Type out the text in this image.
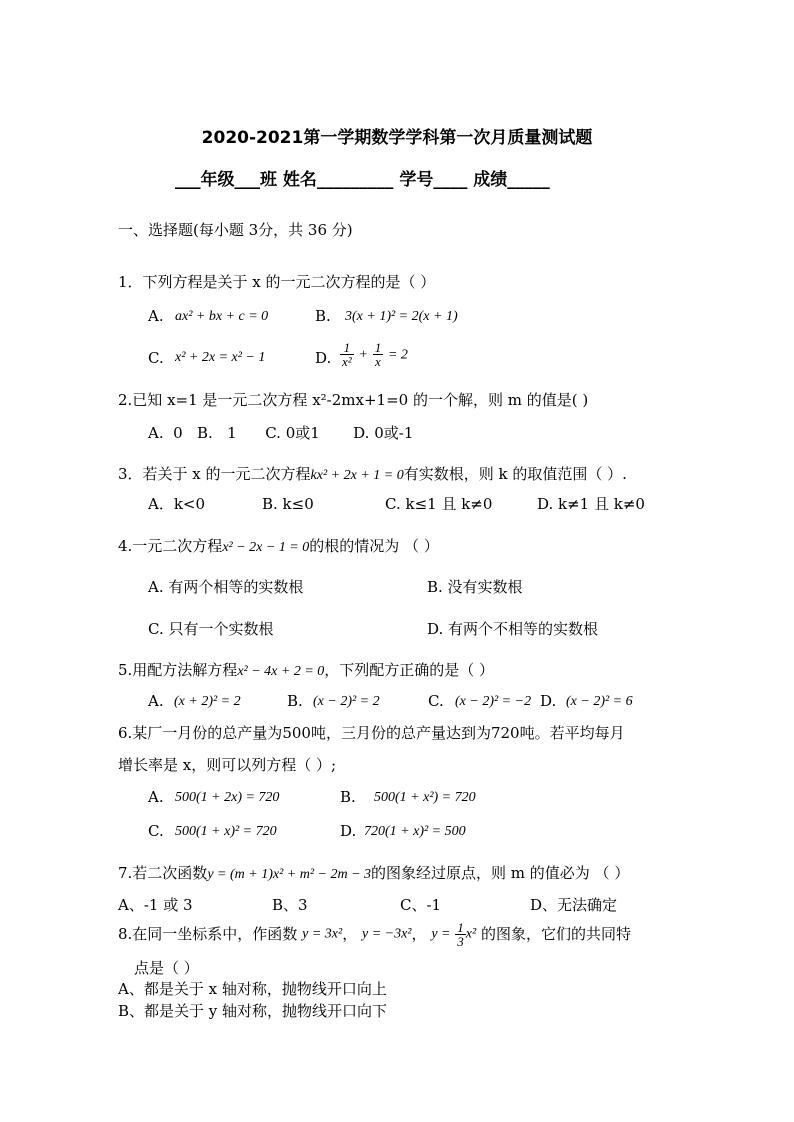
2020-2021第一学期数学学科第一次月质量测试题
___年级___班 姓名_________ 学号____ 成绩_____
一、选择题(每小题 3分，共 36 分)
1．下列方程是关于 x 的一元二次方程的是（ ）
A. ax² + bx + c = 0	B. 3(x + 1)² = 2(x + 1)
C. x² + 2x = x² − 1	D. $\frac{1}{\text{x²}} + \frac{1}{x} = 2$
2.已知 x=1 是一元二次方程 x²-2mx+1=0 的一个解，则 m 的值是( )
A.  0   B.   1      C. 0或1       D. 0或-1
3．若关于 x 的一元二次方程kx² + 2x + 1 = 0有实数根，则 k 的取值范围（ ）.
A．k<0	B. k≤0	C. k≤1 且 k≠0	D. k≠1 且 k≠0
4.一元二次方程x² − 2x − 1 = 0的根的情况为 （ ）
A. 有两个相等的实数根	B. 没有实数根
C. 只有一个实数根	D. 有两个不相等的实数根
5.用配方法解方程x² − 4x + 2 = 0，下列配方正确的是（ ）
A. (x + 2)² = 2	B. (x − 2)² = 2	C. (x − 2)² = −2 D. (x − 2)² = 6
6.某厂一月份的总产量为500吨，三月份的总产量达到为720吨。若平均每月
增长率是 x，则可以列方程（ ）;
A. 500(1 + 2x) = 720	B. 500(1 + x²) = 720
C. 500(1 + x)² = 720	D. 720(1 + x)² = 500
7.若二次函数y = (m + 1)x² + m² − 2m − 3的图象经过原点，则 m 的值必为 （ ）
A、-1 或 3	B、3	C、-1	D、无法确定
8.在同一坐标系中，作函数 y = 3x²， y = −3x²， $y = \frac{1}{3} x^2$ 的图象，它们的共同特
点是（ ）
A、都是关于 x 轴对称，抛物线开口向上
B、都是关于 y 轴对称，抛物线开口向下
